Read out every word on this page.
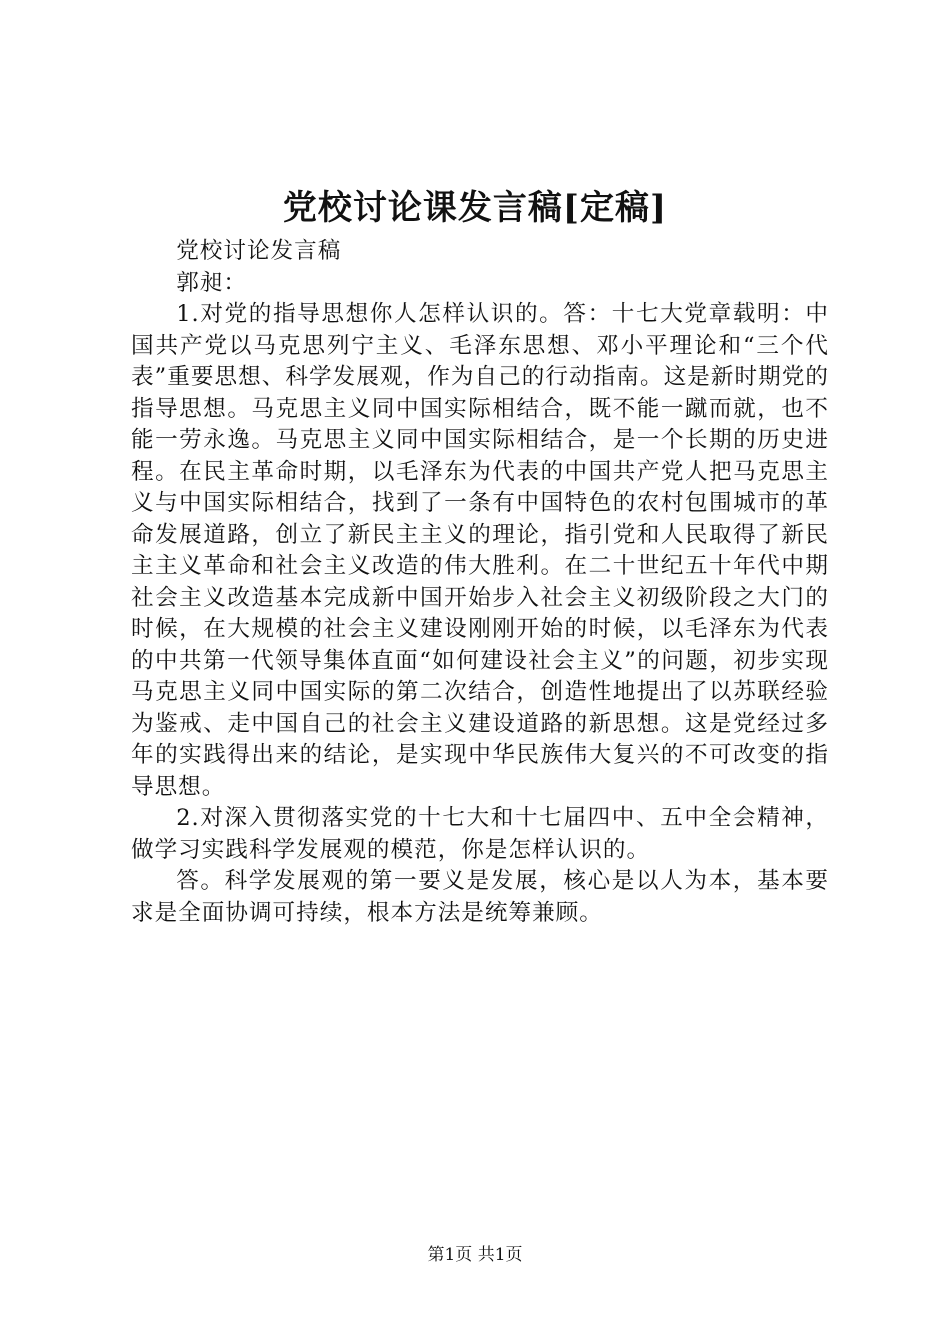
党校讨论课发言稿[定稿]

党校讨论发言稿

郭昶：

1.对党的指导思想你人怎样认识的。答：十七大党章载明：中国共产党以马克思列宁主义、毛泽东思想、邓小平理论和“三个代表”重要思想、科学发展观，作为自己的行动指南。这是新时期党的指导思想。马克思主义同中国实际相结合，既不能一蹴而就，也不能一劳永逸。马克思主义同中国实际相结合，是一个长期的历史进程。在民主革命时期，以毛泽东为代表的中国共产党人把马克思主义与中国实际相结合，找到了一条有中国特色的农村包围城市的革命发展道路，创立了新民主主义的理论，指引党和人民取得了新民主主义革命和社会主义改造的伟大胜利。在二十世纪五十年代中期社会主义改造基本完成新中国开始步入社会主义初级阶段之大门的时候，在大规模的社会主义建设刚刚开始的时候，以毛泽东为代表的中共第一代领导集体直面“如何建设社会主义”的问题，初步实现马克思主义同中国实际的第二次结合，创造性地提出了以苏联经验为鉴戒、走中国自己的社会主义建设道路的新思想。这是党经过多年的实践得出来的结论，是实现中华民族伟大复兴的不可改变的指导思想。

2.对深入贯彻落实党的十七大和十七届四中、五中全会精神，做学习实践科学发展观的模范，你是怎样认识的。

答。科学发展观的第一要义是发展，核心是以人为本，基本要求是全面协调可持续，根本方法是统筹兼顾。

第1页 共1页
